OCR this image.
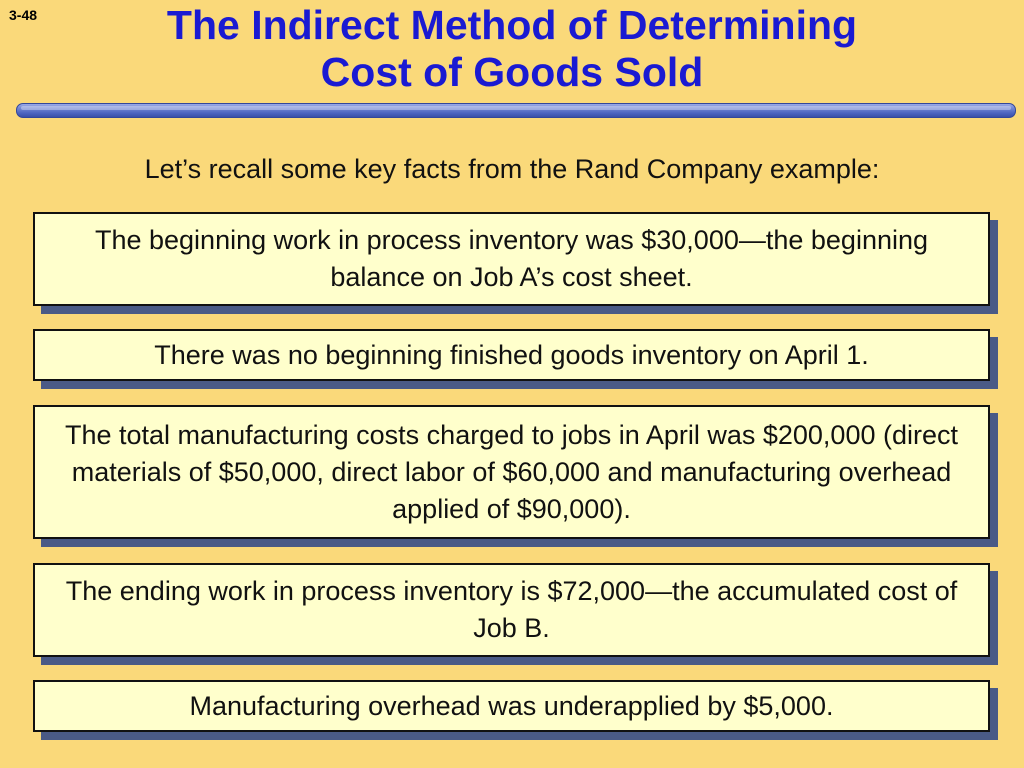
3-48	The Indirect Method of Determining
Cost of Goods Sold
Let’s recall some key facts from the Rand Company example:
The beginning work in process inventory was $30,000—the beginning balance on Job A’s cost sheet.
There was no beginning finished goods inventory on April 1.
The total manufacturing costs charged to jobs in April was $200,000 (direct materials of $50,000, direct labor of $60,000 and manufacturing overhead applied of $90,000).
The ending work in process inventory is $72,000—the accumulated cost of Job B.
Manufacturing overhead was underapplied by $5,000.
